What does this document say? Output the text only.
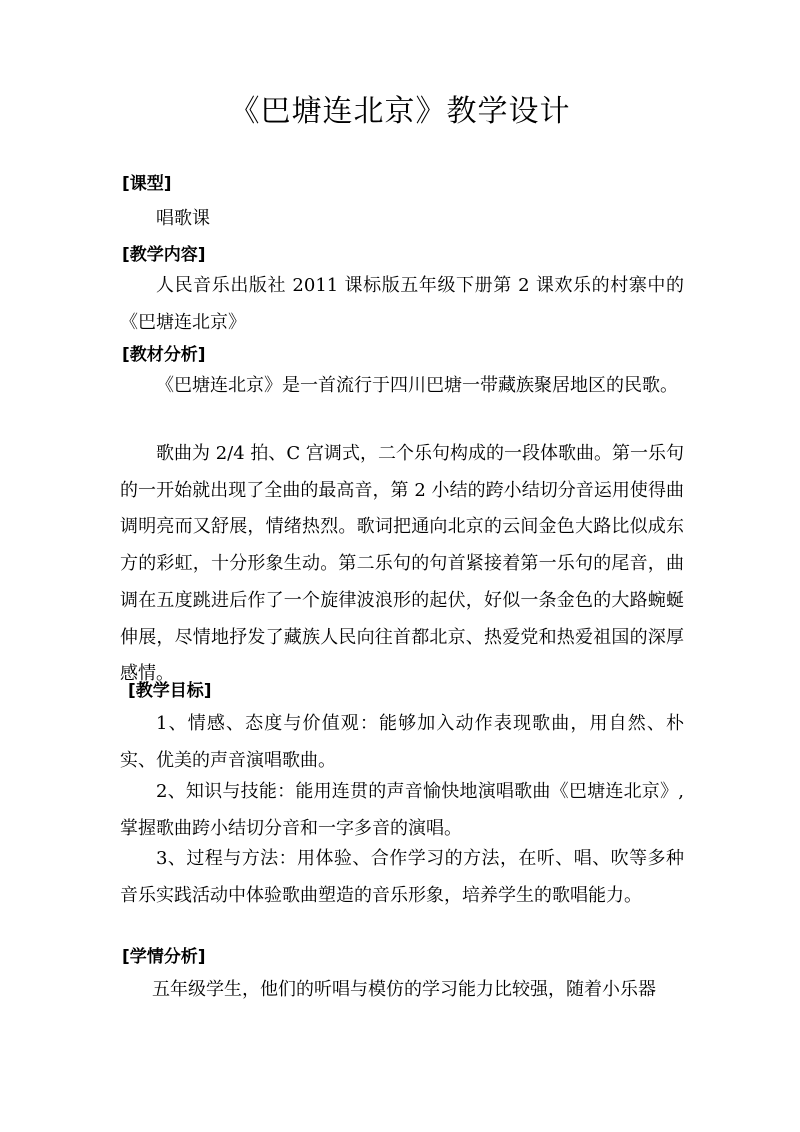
《巴塘连北京》教学设计
[课型]

唱歌课

[教学内容]

人民音乐出版社 2011 课标版五年级下册第 2 课欢乐的村寨中的《巴塘连北京》

[教材分析]

《巴塘连北京》是一首流行于四川巴塘一带藏族聚居地区的民歌。

歌曲为 2/4 拍、C 宫调式，二个乐句构成的一段体歌曲。第一乐句的一开始就出现了全曲的最高音，第 2 小结的跨小结切分音运用使得曲调明亮而又舒展，情绪热烈。歌词把通向北京的云间金色大路比似成东方的彩虹，十分形象生动。第二乐句的句首紧接着第一乐句的尾音，曲调在五度跳进后作了一个旋律波浪形的起伏，好似一条金色的大路蜿蜒伸展，尽情地抒发了藏族人民向往首都北京、热爱党和热爱祖国的深厚感情。

[教学目标]

1、情感、态度与价值观：能够加入动作表现歌曲，用自然、朴实、优美的声音演唱歌曲。

2、知识与技能：能用连贯的声音愉快地演唱歌曲《巴塘连北京》,掌握歌曲跨小结切分音和一字多音的演唱。

3、过程与方法：用体验、合作学习的方法，在听、唱、吹等多种音乐实践活动中体验歌曲塑造的音乐形象，培养学生的歌唱能力。

[学情分析]

五年级学生，他们的听唱与模仿的学习能力比较强，随着小乐器
